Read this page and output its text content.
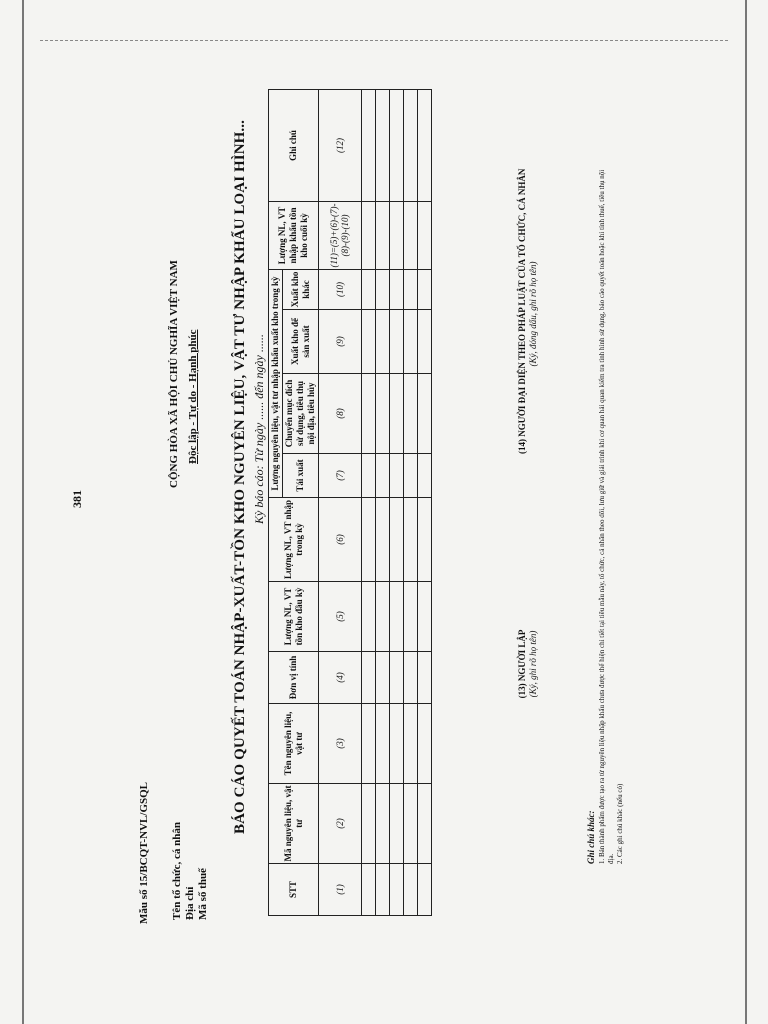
381
Mẫu số 15/BCQT-NVL/GSQL Tên tổ chức, cá nhân Địa chỉ Mã số thuế
CỘNG HÒA XÃ HỘI CHỦ NGHĨA VIỆT NAM Độc lập - Tự do - Hạnh phúc BÁO CÁO QUYẾT TOÁN NHẬP-XUẤT-TỒN KHO NGUYÊN LIỆU, VẬT TƯ NHẬP KHẨU LOẠI HÌNH... Kỳ báo cáo: Từ ngày ...... đến ngày ......
STT	Mã nguyên liệu, vật tư	Tên nguyên liệu, vật tư	Đơn vị tính	Lượng NL, VT tồn kho đầu kỳ	Lượng NL, VT nhập trong kỳ	Lượng nguyên liệu, vật tư nhập khẩu xuất kho trong kỳ				Lượng NL, VT nhập khẩu tồn kho cuối kỳ	Ghi chú
						Tái xuất	Chuyển mục đích sử dụng, tiêu thụ nội địa, tiêu hủy	Xuất kho để sản xuất	Xuất kho khác		
(1)	(2)	(3)	(4)	(5)	(6)	(7)	(8)	(9)	(10)	(11)=(5)+(6)-(7)-(8)-(9)-(10)	(12)

(13) NGƯỜI LẬP (Ký, ghi rõ họ tên)
(14) NGƯỜI ĐẠI DIỆN THEO PHÁP LUẬT CỦA TỔ CHỨC, CÁ NHÂN (Ký, đóng dấu, ghi rõ họ tên)
Ghi chú khác: 1. Bán thành phẩm được tạo ra từ nguyên liệu nhập khẩu chưa được thể hiện chi tiết tại tiêu mẫu này, tổ chức, cá nhân theo dõi, lưu giữ và giải trình khi cơ quan hải quan kiểm tra tình hình sử dụng, báo cáo quyết toán hoặc khi tính thuế, tiêu thụ nội địa. 2. Các ghi chú khác (nếu có)
